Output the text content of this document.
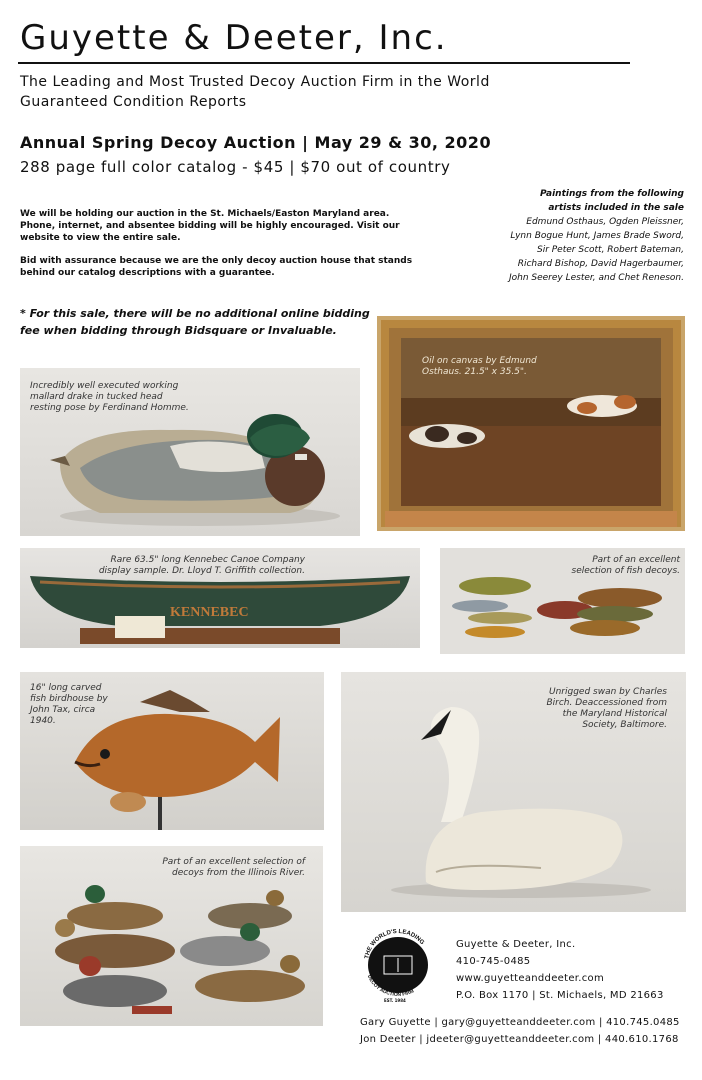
Guyette & Deeter, Inc.
The Leading and Most Trusted Decoy Auction Firm in the World
Guaranteed Condition Reports
Annual Spring Decoy Auction | May 29 & 30, 2020
288 page full color catalog - $45 | $70 out of country
We will be holding our auction in the St. Michaels/Easton Maryland area. Phone, internet, and absentee bidding will be highly encouraged. Visit our website to view the entire sale.
Bid with assurance because we are the only decoy auction house that stands behind our catalog descriptions with a guarantee.
Paintings from the following
artists included in the sale
Edmund Osthaus, Ogden Pleissner, Lynn Bogue Hunt, James Brade Sword, Sir Peter Scott, Robert Bateman, Richard Bishop, David Hagerbaumer, John Seerey Lester, and Chet Reneson.
* For this sale, there will be no additional online bidding fee when bidding through Bidsquare or Invaluable.
Incredibly well executed working mallard drake in tucked head resting pose by Ferdinand Homme.
Oil on canvas by Edmund Osthaus. 21.5" x 35.5".
KENNEBEC
Rare 63.5" long Kennebec Canoe Company display sample. Dr. Lloyd T. Griffith collection.
Part of an excellent selection of fish decoys.
16" long carved fish birdhouse by John Tax, circa 1940.
Unrigged swan by Charles Birch. Deaccessioned from the Maryland Historical Society, Baltimore.
Part of an excellent selection of decoys from the Illinois River.
THE WORLD'S LEADING
DECOY AUCTION FIRM
EST. 1984
Guyette & Deeter, Inc.
410-745-0485
www.guyetteanddeeter.com
P.O. Box 1170 | St. Michaels, MD 21663
Gary Guyette | gary@guyetteanddeeter.com | 410.745.0485
Jon Deeter | jdeeter@guyetteanddeeter.com | 440.610.1768
